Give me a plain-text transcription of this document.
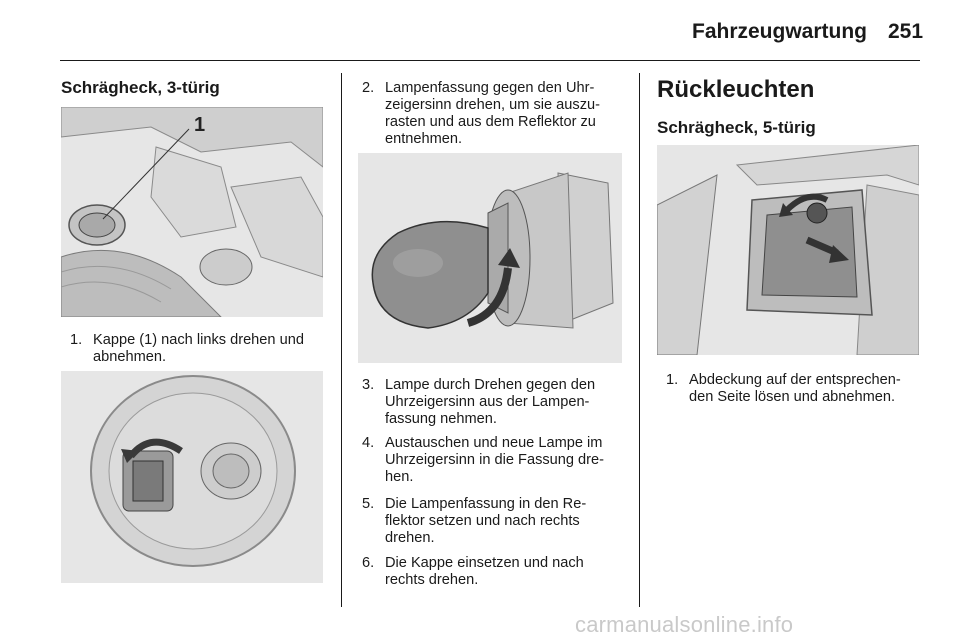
Fahrzeugwartung 251
Schrägheck, 3-türig
1
1. Kappe (1) nach links drehen und
abnehmen.
2. Lampenfassung gegen den Uhr-
zeigersinn drehen, um sie auszu-
rasten und aus dem Reflektor zu
entnehmen.
3. Lampe durch Drehen gegen den
Uhrzeigersinn aus der Lampen-
fassung nehmen.
4. Austauschen und neue Lampe im
Uhrzeigersinn in die Fassung dre-
hen.
5. Die Lampenfassung in den Re-
flektor setzen und nach rechts
drehen.
6. Die Kappe einsetzen und nach
rechts drehen.
Rückleuchten
Schrägheck, 5-türig
1. Abdeckung auf der entsprechen-
den Seite lösen und abnehmen.
carmanualsonline.info
